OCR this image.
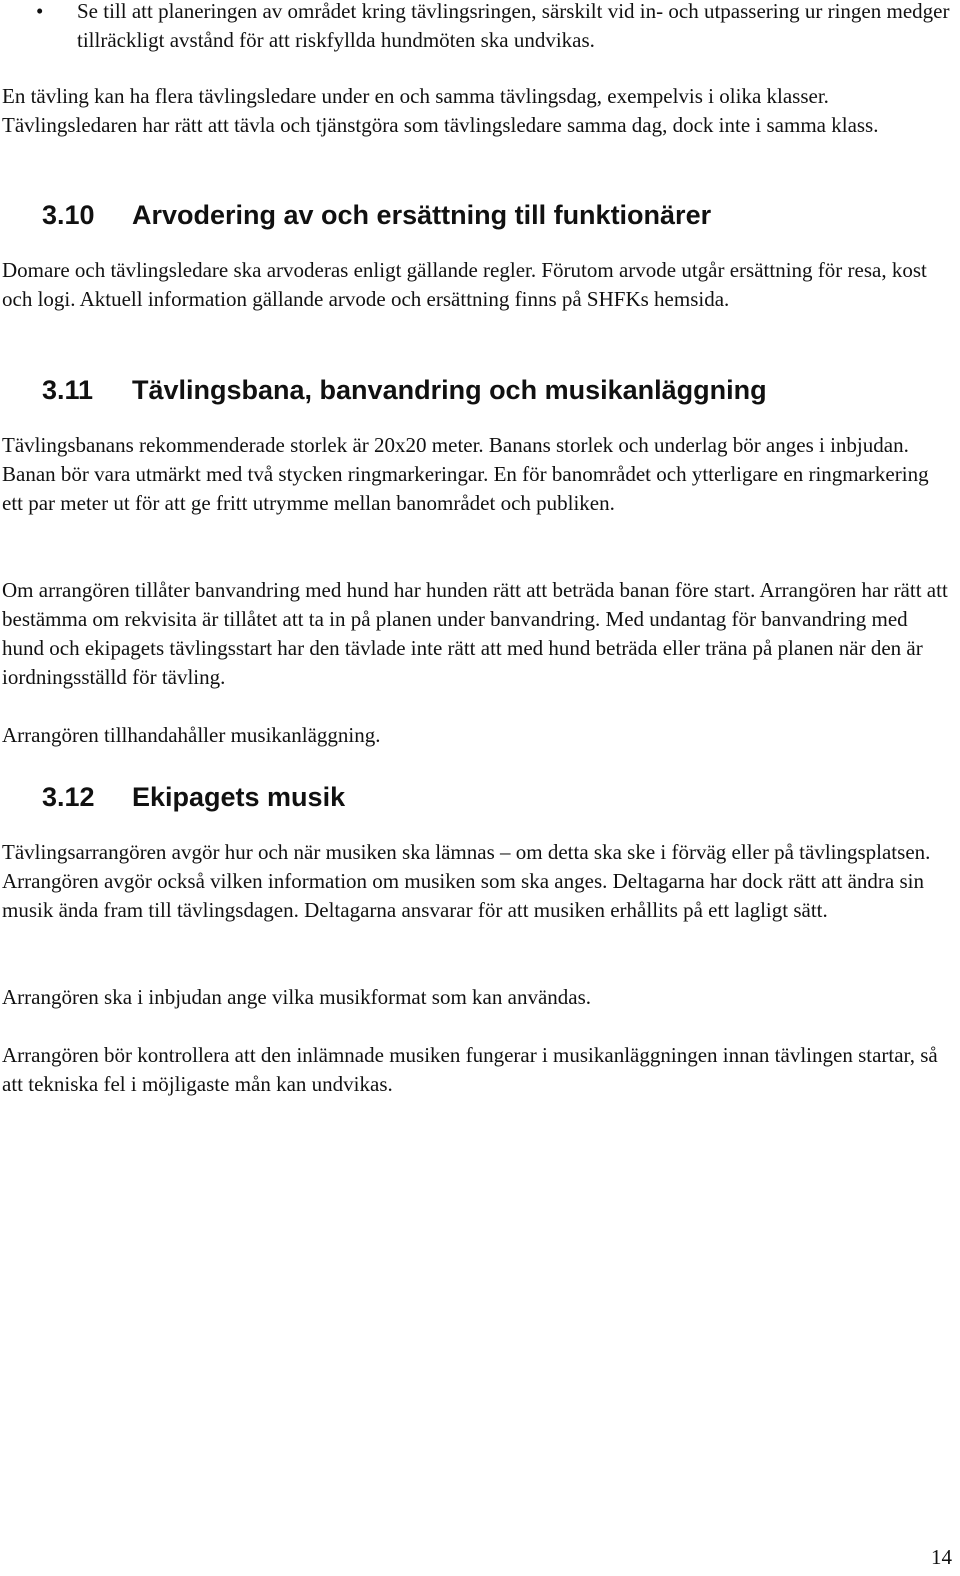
• Se till att planeringen av området kring tävlingsringen, särskilt vid in- och utpassering ur ringen medger tillräckligt avstånd för att riskfyllda hundmöten ska undvikas.

En tävling kan ha flera tävlingsledare under en och samma tävlingsdag, exempelvis i olika klasser. Tävlingsledaren har rätt att tävla och tjänstgöra som tävlingsledare samma dag, dock inte i samma klass.

3.10 Arvodering av och ersättning till funktionärer

Domare och tävlingsledare ska arvoderas enligt gällande regler. Förutom arvode utgår ersättning för resa, kost och logi. Aktuell information gällande arvode och ersättning finns på SHFKs hemsida.

3.11 Tävlingsbana, banvandring och musikanläggning

Tävlingsbanans rekommenderade storlek är 20x20 meter. Banans storlek och underlag bör anges i inbjudan. Banan bör vara utmärkt med två stycken ringmarkeringar. En för banområdet och ytterligare en ringmarkering ett par meter ut för att ge fritt utrymme mellan banområdet och publiken.

Om arrangören tillåter banvandring med hund har hunden rätt att beträda banan före start. Arrangören har rätt att bestämma om rekvisita är tillåtet att ta in på planen under banvandring. Med undantag för banvandring med hund och ekipagets tävlingsstart har den tävlade inte rätt att med hund beträda eller träna på planen när den är iordningsställd för tävling.

Arrangören tillhandahåller musikanläggning.

3.12 Ekipagets musik

Tävlingsarrangören avgör hur och när musiken ska lämnas – om detta ska ske i förväg eller på tävlingsplatsen. Arrangören avgör också vilken information om musiken som ska anges. Deltagarna har dock rätt att ändra sin musik ända fram till tävlingsdagen. Deltagarna ansvarar för att musiken erhållits på ett lagligt sätt.

Arrangören ska i inbjudan ange vilka musikformat som kan användas.

Arrangören bör kontrollera att den inlämnade musiken fungerar i musikanläggningen innan tävlingen startar, så att tekniska fel i möjligaste mån kan undvikas.

14
